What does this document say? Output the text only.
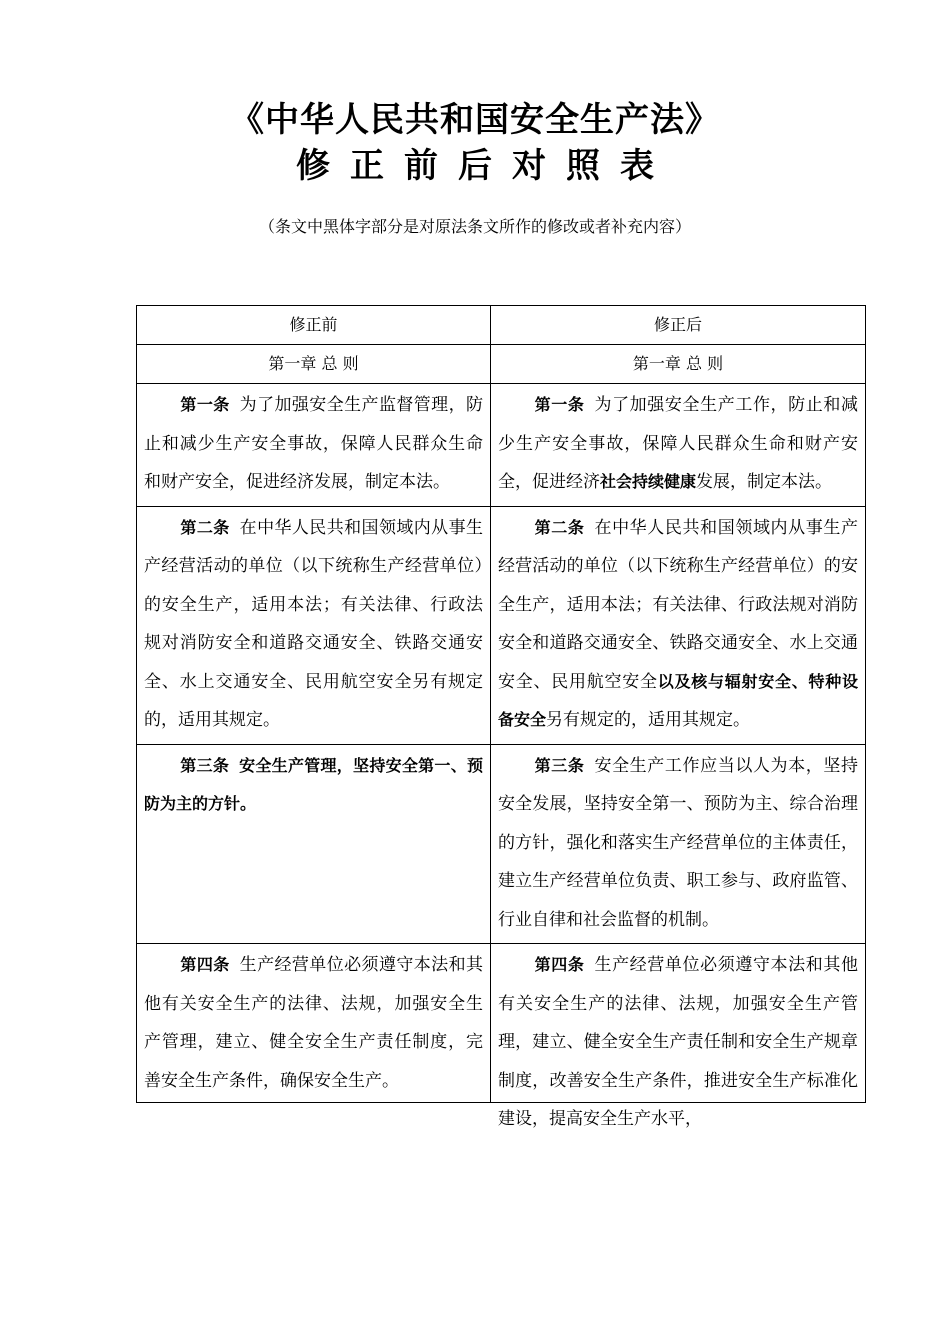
《中华人民共和国安全生产法》
修正前后对照表
（条文中黑体字部分是对原法条文所作的修改或者补充内容）
修正前	修正后
第一章 总 则	第一章 总 则
第一条 为了加强安全生产监督管理，防止和减少生产安全事故，保障人民群众生命和财产安全，促进经济发展，制定本法。	第一条 为了加强安全生产工作，防止和减少生产安全事故，保障人民群众生命和财产安全，促进经济社会持续健康发展，制定本法。
第二条 在中华人民共和国领域内从事生产经营活动的单位（以下统称生产经营单位）的安全生产，适用本法；有关法律、行政法规对消防安全和道路交通安全、铁路交通安全、水上交通安全、民用航空安全另有规定的，适用其规定。	第二条 在中华人民共和国领域内从事生产经营活动的单位（以下统称生产经营单位）的安全生产，适用本法；有关法律、行政法规对消防安全和道路交通安全、铁路交通安全、水上交通安全、民用航空安全以及核与辐射安全、特种设备安全另有规定的，适用其规定。
第三条 安全生产管理，坚持安全第一、预防为主的方针。	第三条 安全生产工作应当以人为本，坚持安全发展，坚持安全第一、预防为主、综合治理的方针，强化和落实生产经营单位的主体责任，建立生产经营单位负责、职工参与、政府监管、行业自律和社会监督的机制。

第四条 生产经营单位必须遵守本法和其他有关安全生产的法律、法规，加强安全生产管理，建立、健全安全生产责任制度，完善安全生产条件，确保安全生产。	第四条 生产经营单位必须遵守本法和其他有关安全生产的法律、法规，加强安全生产管理，建立、健全安全生产责任制和安全生产规章制度，改善安全生产条件，推进安全生产标准化建设，提高安全生产水平，
